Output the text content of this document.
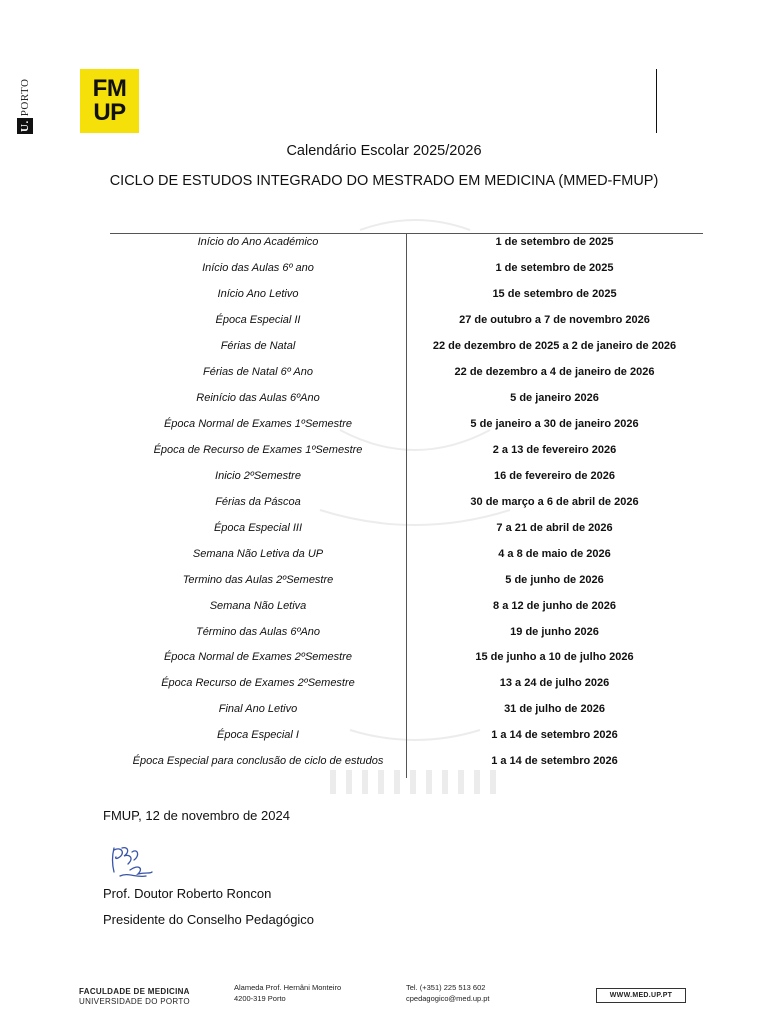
U.PORTO	FM
UP
Calendário Escolar 2025/2026
CICLO DE ESTUDOS INTEGRADO DO MESTRADO EM MEDICINA (MMED-FMUP)
Início do Ano Académico	1 de setembro de 2025
Início das Aulas 6º ano	1 de setembro de 2025
Início Ano Letivo	15 de setembro de 2025
Época Especial II	27 de outubro a 7 de novembro 2026
Férias de Natal	22 de dezembro de 2025 a 2 de janeiro de 2026
Férias de Natal 6º Ano	22 de dezembro a 4 de janeiro de 2026
Reinício das Aulas 6ºAno	5 de janeiro 2026
Época Normal de Exames 1ºSemestre	5 de janeiro a 30 de janeiro 2026
Época de Recurso de Exames 1ºSemestre	2 a 13 de fevereiro 2026
Inicio 2ºSemestre	16 de fevereiro de 2026
Férias da Páscoa	30 de março a 6 de abril de 2026
Época Especial III	7 a 21 de abril de 2026
Semana Não Letiva da UP	4 a 8 de maio de 2026
Termino das Aulas 2ºSemestre	5 de junho de 2026
Semana Não Letiva	8 a 12 de junho de 2026
Término das Aulas 6ºAno	19 de junho 2026
Época Normal de Exames 2ºSemestre	15 de junho a 10 de julho 2026
Época Recurso de Exames 2ºSemestre	13 a 24 de julho 2026
Final Ano Letivo	31 de julho de 2026
Época Especial I	1 a 14 de setembro 2026
Época Especial para conclusão de ciclo de estudos	1 a 14 de setembro 2026
FMUP, 12 de novembro de 2024
Prof. Doutor Roberto Roncon
Presidente do Conselho Pedagógico
FACULDADE DE MEDICINA
UNIVERSIDADE DO PORTO
Alameda Prof. Hernâni Monteiro
4200-319 Porto
Tel. (+351) 225 513 602
cpedagogico@med.up.pt	WWW.MED.UP.PT
